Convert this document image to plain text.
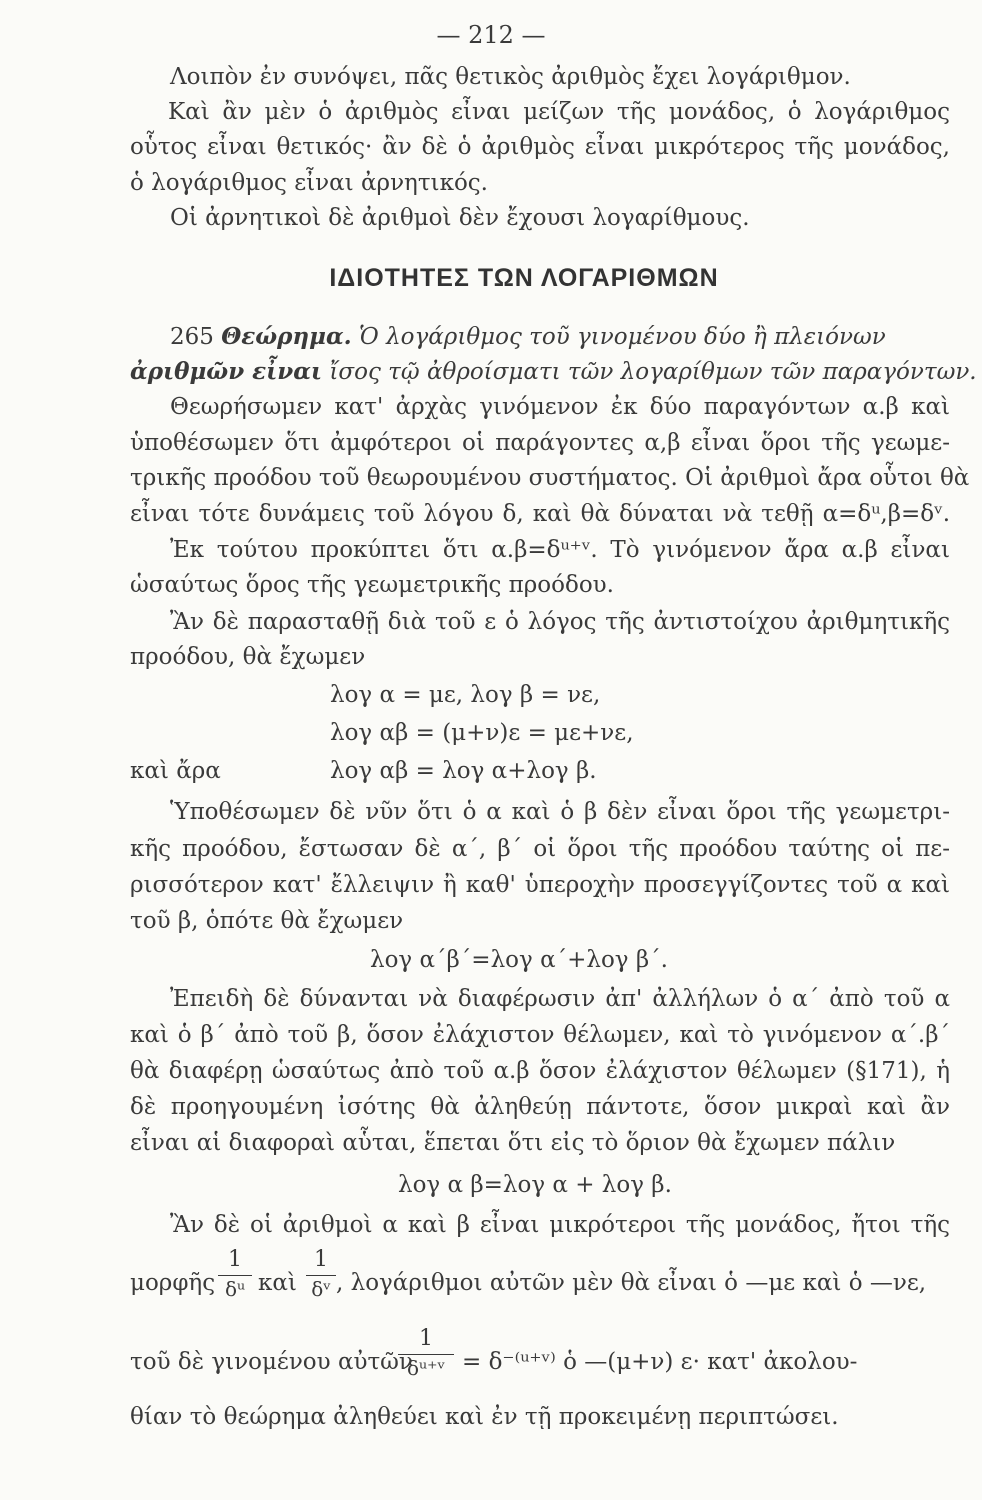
— 212 —
Λοιπὸν ἐν συνόψει, πᾶς θετικὸς ἀριθμὸς ἔχει λογάριθμον.
Καὶ ἂν μὲν ὁ ἀριθμὸς εἶναι μείζων τῆς μονάδος, ὁ λογάριθμος
οὗτος εἶναι θετικός· ἂν δὲ ὁ ἀριθμὸς εἶναι μικρότερος τῆς μονάδος,
ὁ λογάριθμος εἶναι ἀρνητικός.
Οἱ ἀρνητικοὶ δὲ ἀριθμοὶ δὲν ἔχουσι λογαρίθμους.
ΙΔΙΟΤΗΤΕΣ ΤΩΝ ΛΟΓΑΡΙΘΜΩΝ
265 Θεώρημα. Ὁ λογάριθμος τοῦ γινομένου δύο ἢ πλειόνων
ἀριθμῶν εἶναι ἴσος τῷ ἀθροίσματι τῶν λογαρίθμων τῶν παραγόντων.
Θεωρήσωμεν κατ' ἀρχὰς γινόμενον ἐκ δύο παραγόντων α.β καὶ
ὑποθέσωμεν ὅτι ἀμφότεροι οἱ παράγοντες α,β εἶναι ὅροι τῆς γεωμε-
τρικῆς προόδου τοῦ θεωρουμένου συστήματος. Οἱ ἀριθμοὶ ἄρα οὗτοι θὰ
εἶναι τότε δυνάμεις τοῦ λόγου δ, καὶ θὰ δύναται νὰ τεθῇ α=δᵘ,β=δᵛ.
Ἐκ τούτου προκύπτει ὅτι α.β=δᵘ⁺ᵛ. Τὸ γινόμενον ἄρα α.β εἶναι
ὡσαύτως ὅρος τῆς γεωμετρικῆς προόδου.
Ἂν δὲ παρασταθῇ διὰ τοῦ ε ὁ λόγος τῆς ἀντιστοίχου ἀριθμητικῆς
προόδου, θὰ ἔχωμεν
λογ α = με, λογ β = νε,
λογ αβ = (μ+ν)ε = με+νε,
καὶ ἄρα	λογ αβ = λογ α+λογ β.
Ὑποθέσωμεν δὲ νῦν ὅτι ὁ α καὶ ὁ β δὲν εἶναι ὅροι τῆς γεωμετρι-
κῆς προόδου, ἔστωσαν δὲ α΄, β΄ οἱ ὅροι τῆς προόδου ταύτης οἱ πε-
ρισσότερον κατ' ἔλλειψιν ἢ καθ' ὑπεροχὴν προσεγγίζοντες τοῦ α καὶ
τοῦ β, ὁπότε θὰ ἔχωμεν
λογ α΄β΄=λογ α΄+λογ β΄.
Ἐπειδὴ δὲ δύνανται νὰ διαφέρωσιν ἀπ' ἀλλήλων ὁ α΄ ἀπὸ τοῦ α
καὶ ὁ β΄ ἀπὸ τοῦ β, ὅσον ἐλάχιστον θέλωμεν, καὶ τὸ γινόμενον α΄.β΄
θὰ διαφέρῃ ὡσαύτως ἀπὸ τοῦ α.β ὅσον ἐλάχιστον θέλωμεν (§171), ἡ
δὲ προηγουμένη ἰσότης θὰ ἀληθεύῃ πάντοτε, ὅσον μικραὶ καὶ ἂν
εἶναι αἱ διαφοραὶ αὗται, ἕπεται ὅτι εἰς τὸ ὅριον θὰ ἔχωμεν πάλιν
λογ α β=λογ α + λογ β.
Ἂν δὲ οἱ ἀριθμοὶ α καὶ β εἶναι μικρότεροι τῆς μονάδος, ἤτοι τῆς
μορφῆς
1
δᵘ καὶ
1
δᵛ , λογάριθμοι αὐτῶν μὲν θὰ εἶναι ὁ —με καὶ ὁ —νε,
τοῦ δὲ γινομένου αὐτῶν
1
δᵘ⁺ᵛ = δ⁻⁽ᵘ⁺ᵛ⁾ ὁ —(μ+ν) ε· κατ' ἀκολου-
θίαν τὸ θεώρημα ἀληθεύει καὶ ἐν τῇ προκειμένῃ περιπτώσει.
